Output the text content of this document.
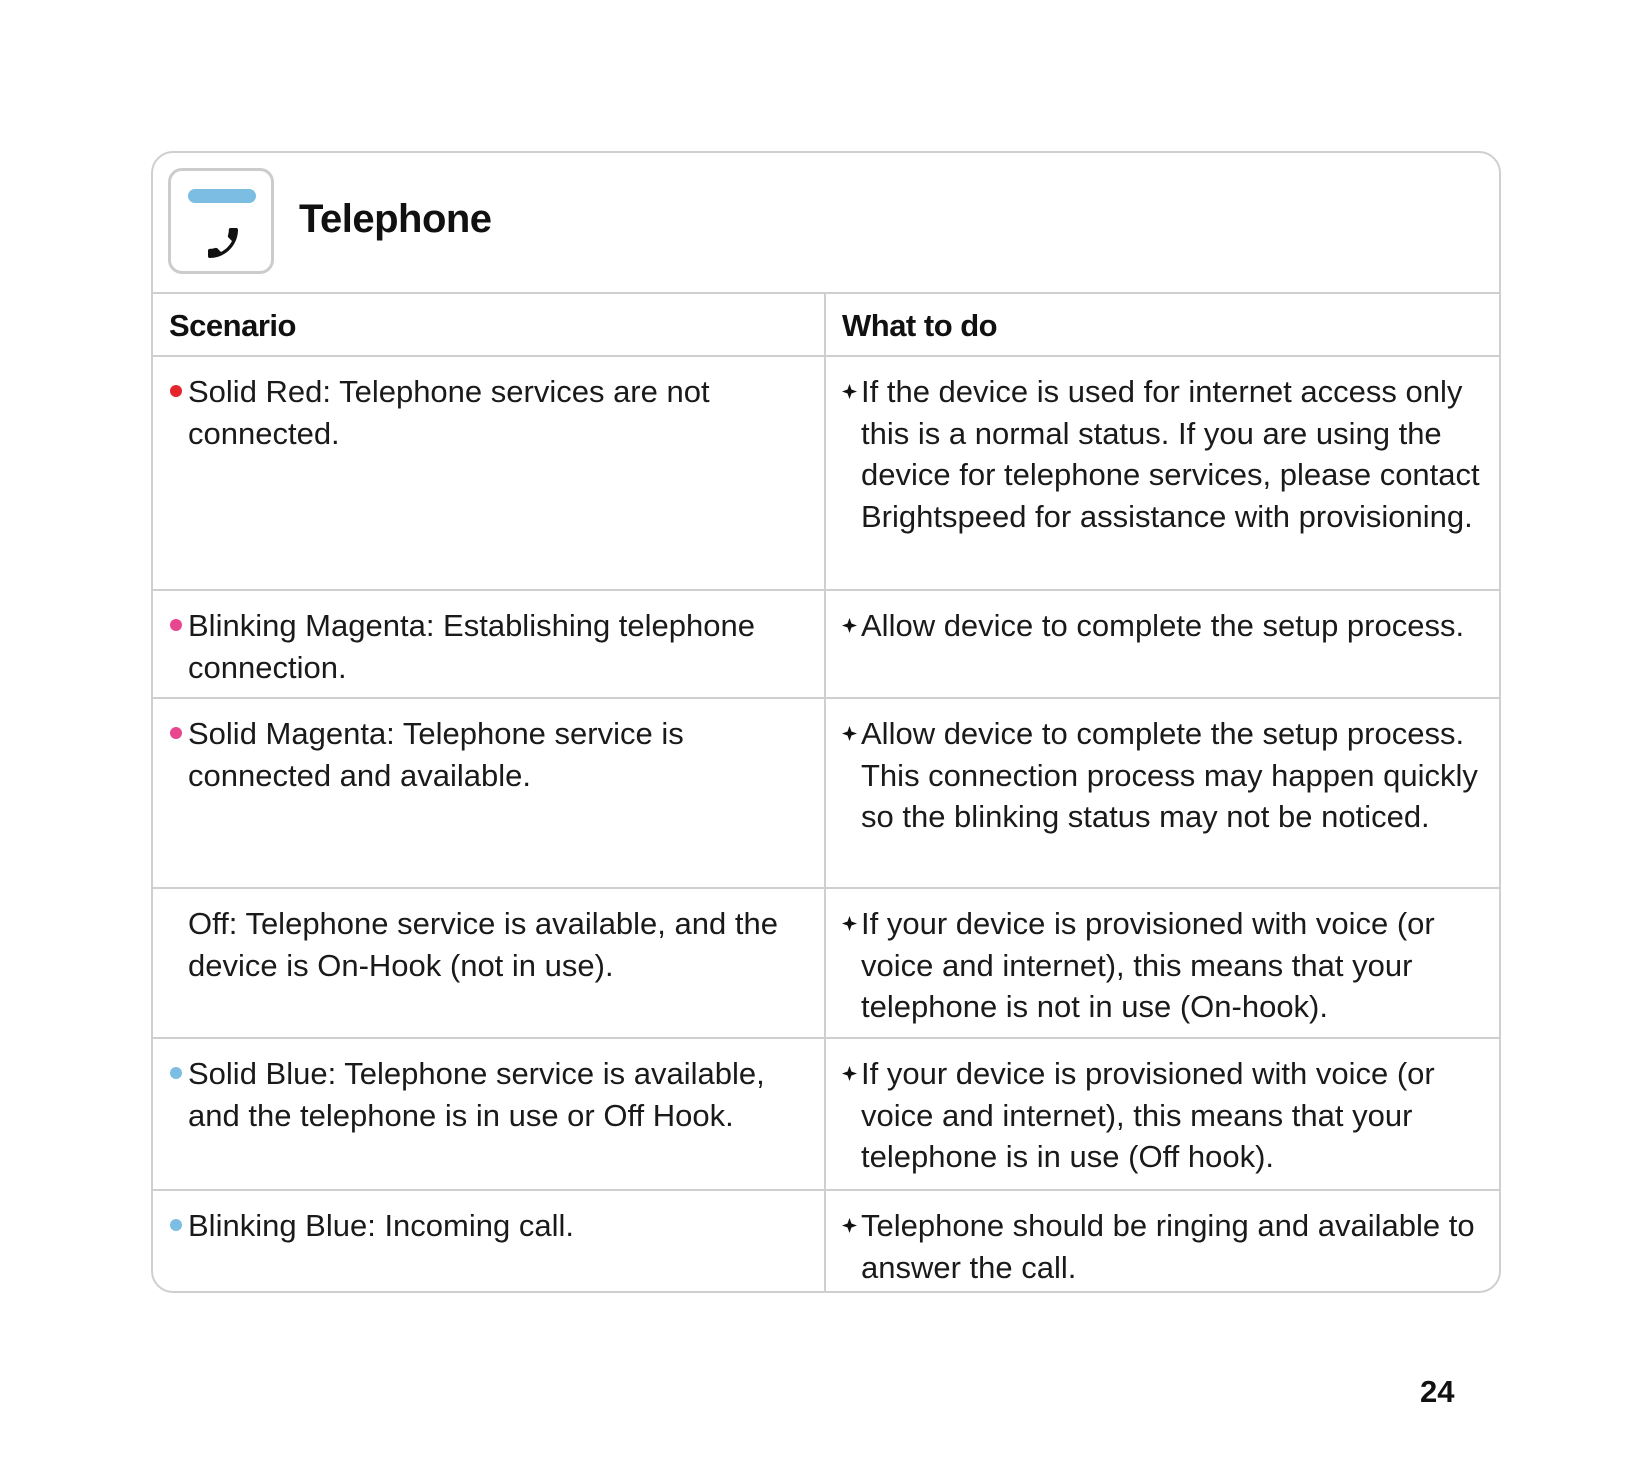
Telephone
Scenario	What to do

Solid Red: Telephone services are not connected.	If the device is used for internet access only this is a normal status. If you are using the device for telephone services, please contact Brightspeed for assistance with provisioning.

Blinking Magenta: Establishing telephone connection.	Allow device to complete the setup process.

Solid Magenta: Telephone service is connected and available.	Allow device to complete the setup process. This connection process may happen quickly so the blinking status may not be noticed.

Off: Telephone service is available, and the device is On-Hook (not in use).	If your device is provisioned with voice (or voice and internet), this means that your telephone is not in use (On-hook).

Solid Blue: Telephone service is available, and the telephone is in use or Off Hook.	If your device is provisioned with voice (or voice and internet), this means that your telephone is in use (Off hook).

Blinking Blue: Incoming call.	Telephone should be ringing and available to answer the call.
24
